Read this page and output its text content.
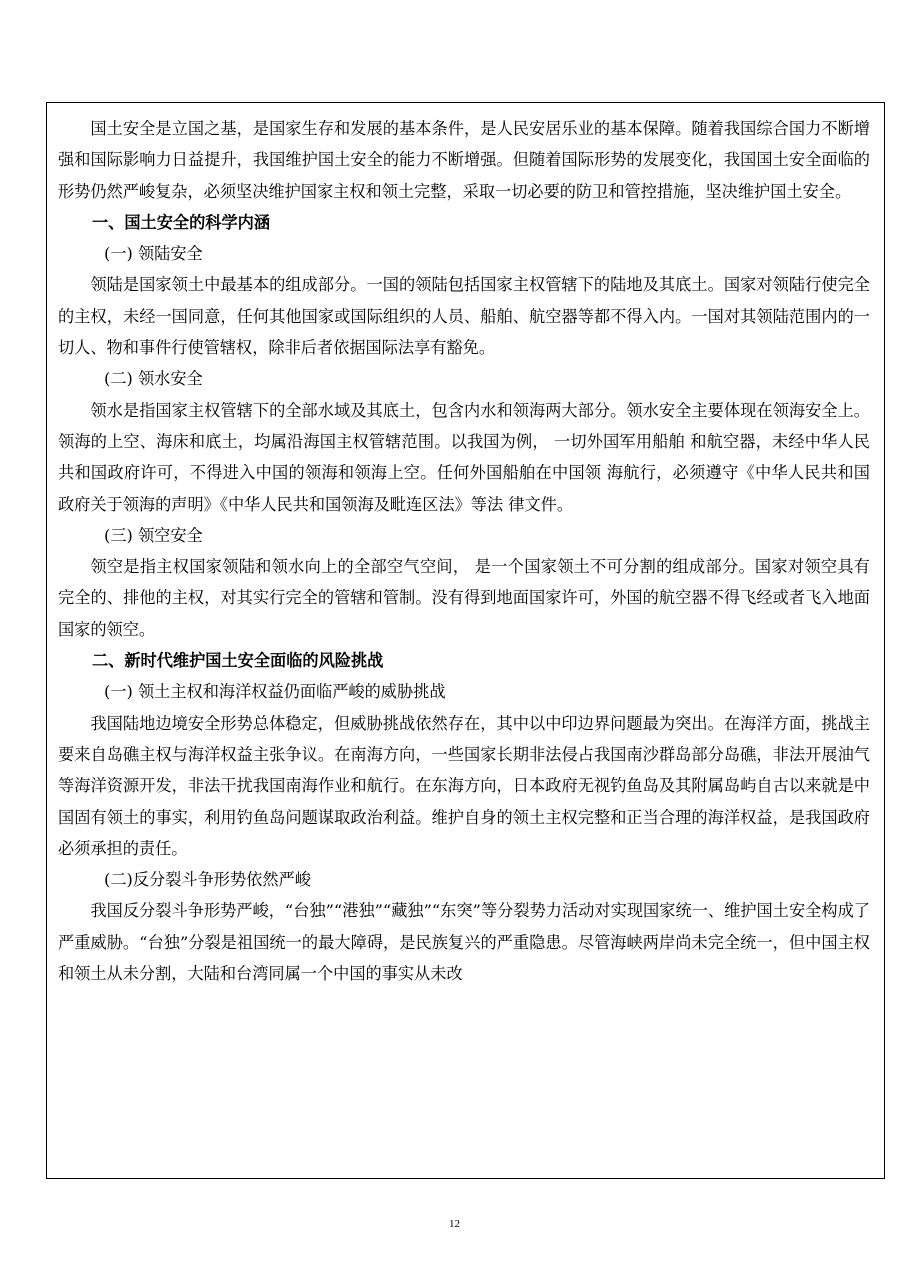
国土安全是立国之基，是国家生存和发展的基本条件，是人民安居乐业的基本保障。随着我国综合国力不断增强和国际影响力日益提升，我国维护国土安全的能力不断增强。但随着国际形势的发展变化，我国国土安全面临的形势仍然严峻复杂，必须坚决维护国家主权和领土完整，采取一切必要的防卫和管控措施，坚决维护国土安全。

一、国土安全的科学内涵

(一) 领陆安全

领陆是国家领土中最基本的组成部分。一国的领陆包括国家主权管辖下的陆地及其底土。国家对领陆行使完全的主权，未经一国同意，任何其他国家或国际组织的人员、船舶、航空器等都不得入内。一国对其领陆范围内的一切人、物和事件行使管辖权，除非后者依据国际法享有豁免。

(二) 领水安全

领水是指国家主权管辖下的全部水域及其底土，包含内水和领海两大部分。领水安全主要体现在领海安全上。领海的上空、海床和底土，均属沿海国主权管辖范围。以我国为例， 一切外国军用船舶 和航空器，未经中华人民共和国政府许可，不得进入中国的领海和领海上空。任何外国船舶在中国领 海航行，必须遵守《中华人民共和国政府关于领海的声明》《中华人民共和国领海及毗连区法》等法 律文件。

(三) 领空安全

领空是指主权国家领陆和领水向上的全部空气空间， 是一个国家领土不可分割的组成部分。国家对领空具有完全的、排他的主权，对其实行完全的管辖和管制。没有得到地面国家许可，外国的航空器不得飞经或者飞入地面国家的领空。

二、新时代维护国土安全面临的风险挑战

(一) 领土主权和海洋权益仍面临严峻的威胁挑战

我国陆地边境安全形势总体稳定，但威胁挑战依然存在，其中以中印边界问题最为突出。在海洋方面，挑战主要来自岛礁主权与海洋权益主张争议。在南海方向，一些国家长期非法侵占我国南沙群岛部分岛礁，非法开展油气等海洋资源开发，非法干扰我国南海作业和航行。在东海方向，日本政府无视钓鱼岛及其附属岛屿自古以来就是中国固有领土的事实，利用钓鱼岛问题谋取政治利益。维护自身的领土主权完整和正当合理的海洋权益，是我国政府必须承担的责任。

(二)反分裂斗争形势依然严峻

我国反分裂斗争形势严峻，“台独”“港独”“藏独”“东突”等分裂势力活动对实现国家统一、维护国土安全构成了严重威胁。“台独”分裂是祖国统一的最大障碍，是民族复兴的严重隐患。尽管海峡两岸尚未完全统一，但中国主权和领土从未分割，大陆和台湾同属一个中国的事实从未改

12
